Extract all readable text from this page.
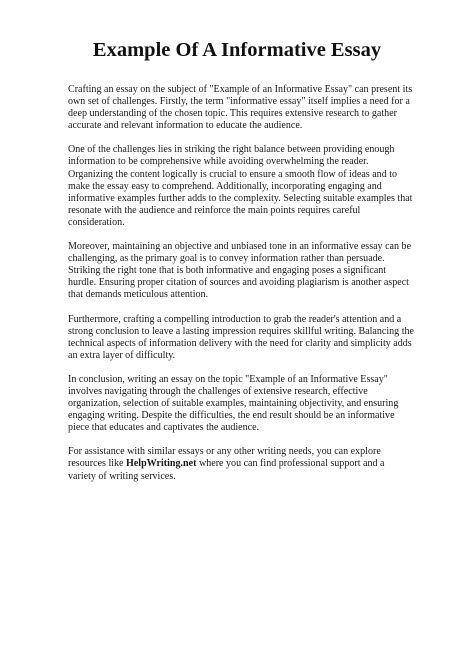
Example Of A Informative Essay

Crafting an essay on the subject of "Example of an Informative Essay" can present its own set of challenges. Firstly, the term "informative essay" itself implies a need for a deep understanding of the chosen topic. This requires extensive research to gather accurate and relevant information to educate the audience.

One of the challenges lies in striking the right balance between providing enough information to be comprehensive while avoiding overwhelming the reader. Organizing the content logically is crucial to ensure a smooth flow of ideas and to make the essay easy to comprehend. Additionally, incorporating engaging and informative examples further adds to the complexity. Selecting suitable examples that resonate with the audience and reinforce the main points requires careful consideration.

Moreover, maintaining an objective and unbiased tone in an informative essay can be challenging, as the primary goal is to convey information rather than persuade. Striking the right tone that is both informative and engaging poses a significant hurdle. Ensuring proper citation of sources and avoiding plagiarism is another aspect that demands meticulous attention.

Furthermore, crafting a compelling introduction to grab the reader's attention and a strong conclusion to leave a lasting impression requires skillful writing. Balancing the technical aspects of information delivery with the need for clarity and simplicity adds an extra layer of difficulty.

In conclusion, writing an essay on the topic "Example of an Informative Essay" involves navigating through the challenges of extensive research, effective organization, selection of suitable examples, maintaining objectivity, and ensuring engaging writing. Despite the difficulties, the end result should be an informative piece that educates and captivates the audience.

For assistance with similar essays or any other writing needs, you can explore resources like HelpWriting.net where you can find professional support and a variety of writing services.
